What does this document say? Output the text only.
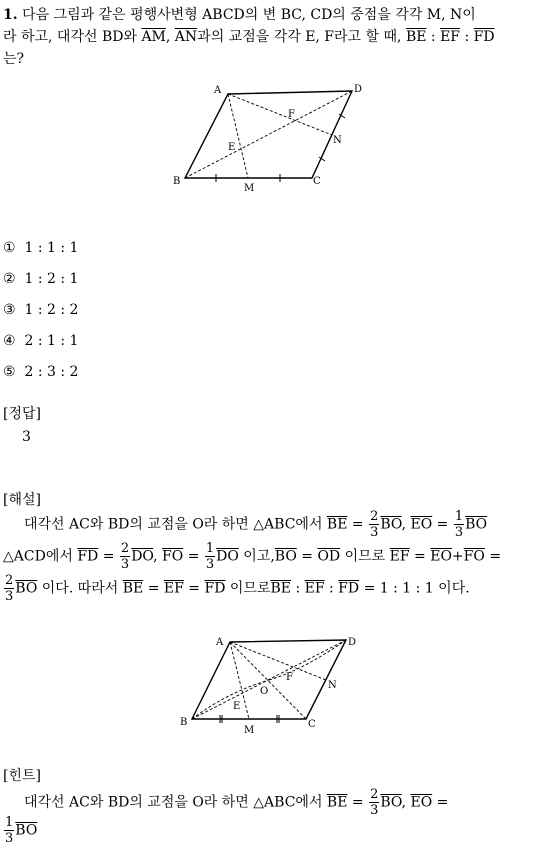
1. 다음 그림과 같은 평행사변형 ABCD의 변 BC, CD의 중점을 각각 M, N이
라 하고, 대각선 BD와 $\overline{AM}$, $\overline{AN}$과의 교점을 각각 E, F라고 할 때, $\overline{BE}$ : $\overline{EF}$ : $\overline{FD}$
는?
A	D
B	C
M
N
E
F
① 1 : 1 : 1
② 1 : 2 : 1
③ 1 : 2 : 2
④ 2 : 1 : 1
⑤ 2 : 3 : 2
[정답]
3
[해설]
대각선 AC와 BD의 교점을 O라 하면 △ABC에서 $\overline{BE} = \frac{2}{3} \overline{BO}$, $\overline{EO} = \frac{1}{3} \overline{BO}$
△ACD에서 $\overline{FD} = \frac{2}{3} \overline{DO}$, $\overline{FO} = \frac{1}{3} \overline{DO}$ 이고$,\overline{BO} = \overline{OD}$ 이므로 $\overline{EF} = \overline{EO}+\overline{FO}$ =
$\frac{2}{3} \overline{BO}$ 이다. 따라서 $\overline{BE} = \overline{EF} = \overline{FD}$ 이므로$\overline{BE}$ : $\overline{EF}$ : $\overline{FD} = 1$ : 1 : 1 이다.
A	D
B	C
M
N
E
F
O
[힌트]
대각선 AC와 BD의 교점을 O라 하면 △ABC에서 $\overline{BE} = \frac{2}{3} \overline{BO}$, $\overline{EO}$ =
$\frac{1}{3} \overline{BO}$
